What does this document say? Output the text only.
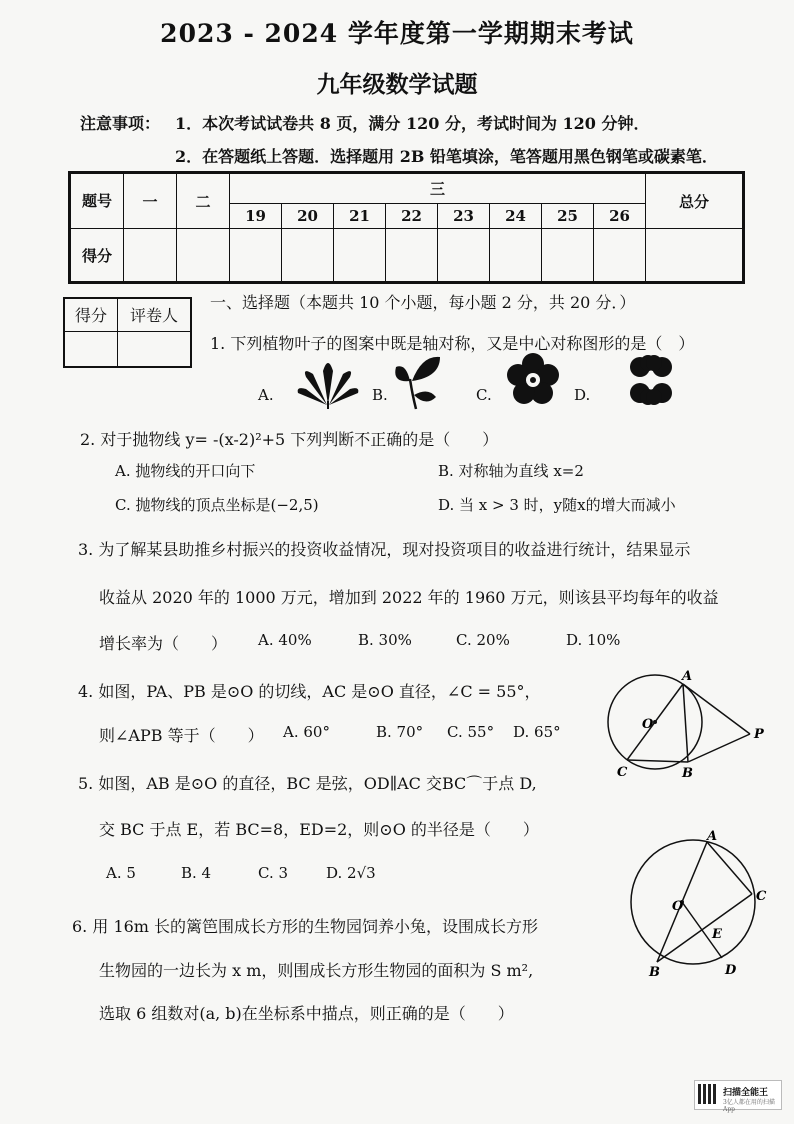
2023 - 2024 学年度第一学期期末考试
九年级数学试题
注意事项： 1．本次考试试卷共 8 页，满分 120 分，考试时间为 120 分钟．
2．在答题纸上答题．选择题用 2B 铅笔填涂，笔答题用黑色钢笔或碳素笔．
题号	一	二	三								总分
			19	20	21	22	23	24	25	26	
得分											
得分	评卷人

一、选择题（本题共 10 个小题，每小题 2 分，共 20 分．）
1. 下列植物叶子的图案中既是轴对称，又是中心对称图形的是（　）
A.	B.	C.	D.
2. 对于抛物线 y= -(x-2)²+5 下列判断不正确的是（　　）
A. 抛物线的开口向下	B. 对称轴为直线 x=2
C. 抛物线的顶点坐标是(−2,5)	D. 当 x > 3 时，y随x的增大而减小
3. 为了解某县助推乡村振兴的投资收益情况，现对投资项目的收益进行统计，结果显示
收益从 2020 年的 1000 万元，增加到 2022 年的 1960 万元，则该县平均每年的收益
增长率为（　　） A. 40%	B. 30%	C. 20%	D. 10%
4. 如图，PA、PB 是⊙O 的切线，AC 是⊙O 直径，∠C = 55°，
则∠APB 等于（　　） A. 60°	B. 70° C. 55° D. 65°
A
O
P
C	B
5. 如图，AB 是⊙O 的直径，BC 是弦，OD∥AC 交BC⌒于点 D,
交 BC 于点 E，若 BC=8，ED=2，则⊙O 的半径是（　　）
A. 5	B. 4	C. 3	D. 2√3
A
O
C
E
B	D
6. 用 16m 长的篱笆围成长方形的生物园饲养小兔，设围成长方形
生物园的一边长为 x m，则围成长方形生物园的面积为 S m²,
选取 6 组数对(a, b)在坐标系中描点，则正确的是（　　）
扫描全能王
3亿人都在用的扫描App
